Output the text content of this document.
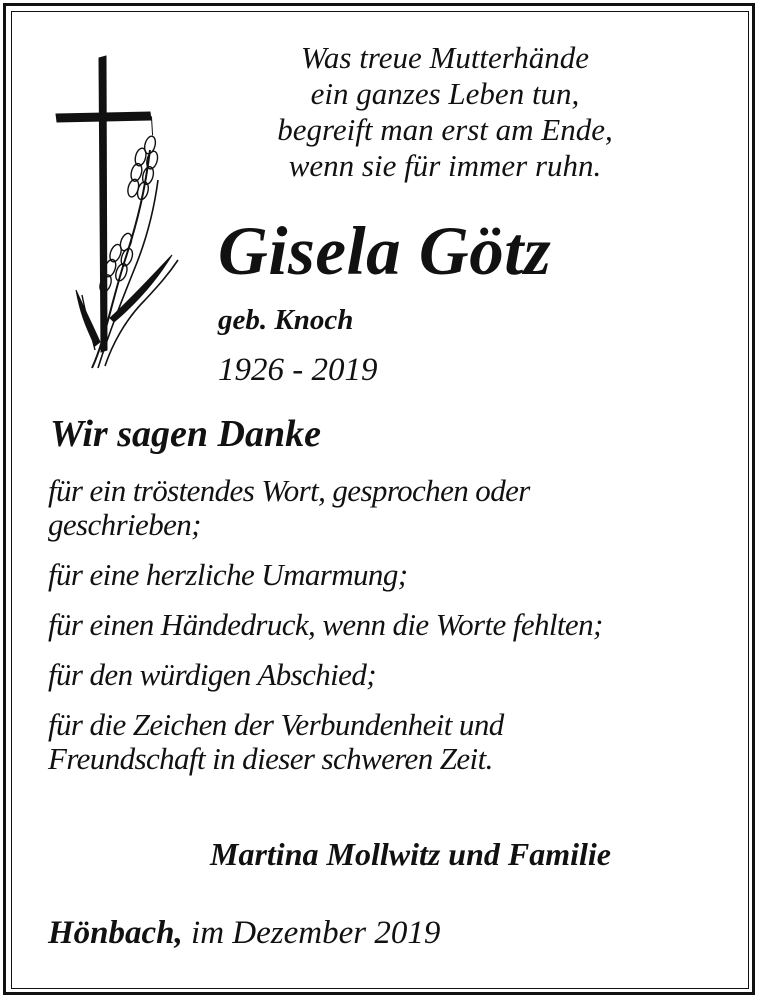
Was treue Mutterhände
ein ganzes Leben tun,
begreift man erst am Ende,
wenn sie für immer ruhn.
Gisela Götz
geb. Knoch
1926 - 2019
Wir sagen Danke

für ein tröstendes Wort, gesprochen oder
geschrieben;

für eine herzliche Umarmung;

für einen Händedruck, wenn die Worte fehlten;

für den würdigen Abschied;

für die Zeichen der Verbundenheit und
Freundschaft in dieser schweren Zeit.

Martina Mollwitz und Familie
Hönbach, im Dezember 2019
